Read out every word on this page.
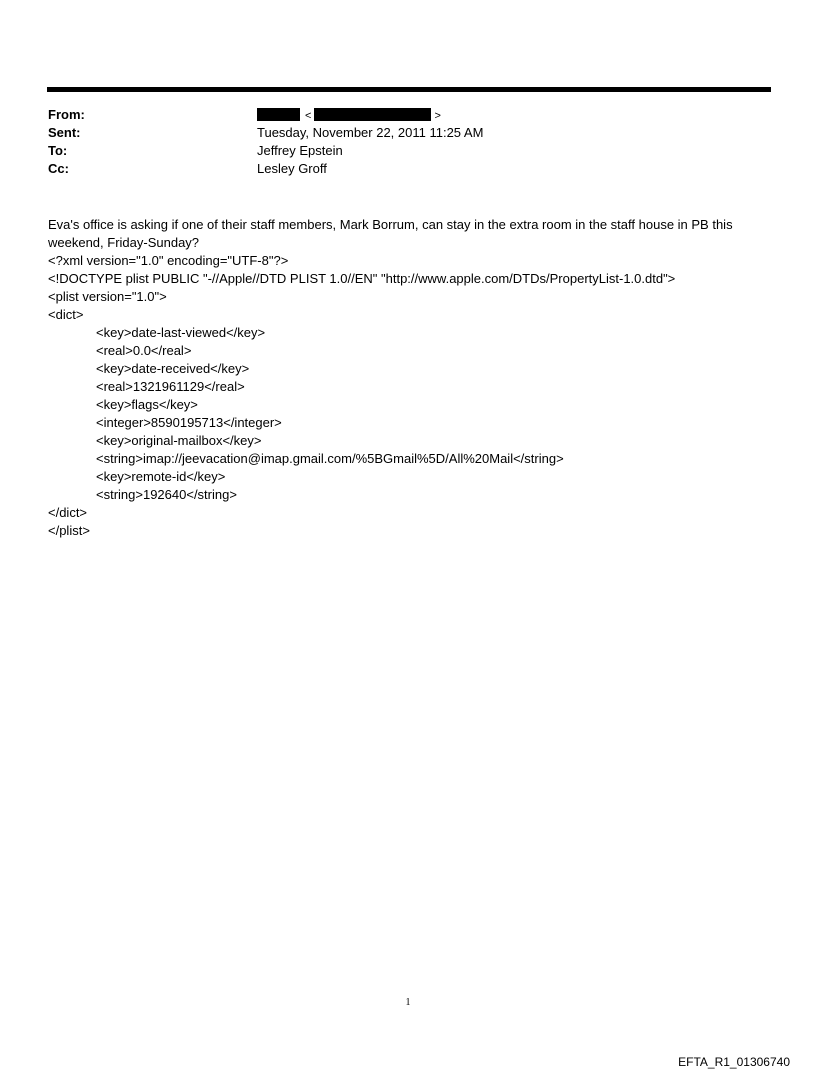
From:	<	>
Sent:	Tuesday, November 22, 2011 11:25 AM
To:	Jeffrey Epstein
Cc:	Lesley Groff
Eva's office is asking if one of their staff members, Mark Borrum, can stay in the extra room in the staff house in PB this weekend, Friday-Sunday?
<?xml version="1.0" encoding="UTF-8"?>
<!DOCTYPE plist PUBLIC "-//Apple//DTD PLIST 1.0//EN" "http://www.apple.com/DTDs/PropertyList-1.0.dtd">
<plist version="1.0">
<dict>
<key>date-last-viewed</key>
<real>0.0</real>
<key>date-received</key>
<real>1321961129</real>
<key>flags</key>
<integer>8590195713</integer>
<key>original-mailbox</key>
<string>imap://jeevacation@imap.gmail.com/%5BGmail%5D/All%20Mail</string>
<key>remote-id</key>
<string>192640</string>
</dict>
</plist>
1
EFTA_R1_01306740
